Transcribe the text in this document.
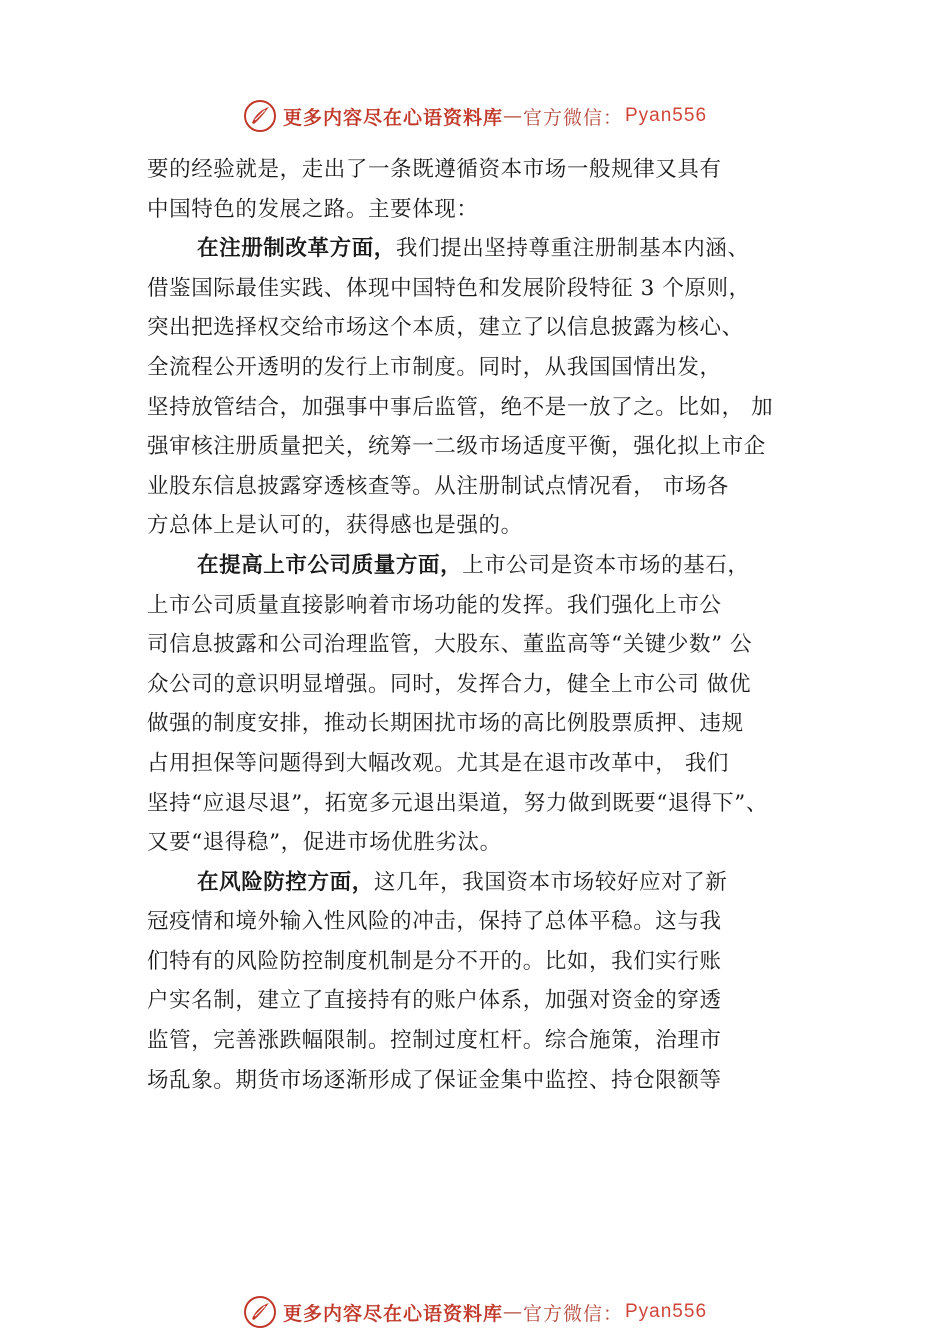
更多内容尽在心语资料库 — 官方微信： Pyan556
要的经验就是，走出了一条既遵循资本市场一般规律又具有
中国特色的发展之路。主要体现：
在注册制改革方面，我们提出坚持尊重注册制基本内涵、
借鉴国际最佳实践、体现中国特色和发展阶段特征 3 个原则，
突出把选择权交给市场这个本质，建立了以信息披露为核心、
全流程公开透明的发行上市制度。同时，从我国国情出发，
坚持放管结合，加强事中事后监管，绝不是一放了之。比如， 加
强审核注册质量把关，统筹一二级市场适度平衡，强化拟上市企
业股东信息披露穿透核查等。从注册制试点情况看， 市场各
方总体上是认可的，获得感也是强的。
在提高上市公司质量方面，上市公司是资本市场的基石，
上市公司质量直接影响着市场功能的发挥。我们强化上市公
司信息披露和公司治理监管，大股东、董监高等“关键少数” 公
众公司的意识明显增强。同时，发挥合力，健全上市公司 做优
做强的制度安排，推动长期困扰市场的高比例股票质押、违规
占用担保等问题得到大幅改观。尤其是在退市改革中， 我们
坚持“应退尽退”，拓宽多元退出渠道，努力做到既要“退得下”、
又要“退得稳”，促进市场优胜劣汰。
在风险防控方面，这几年，我国资本市场较好应对了新
冠疫情和境外输入性风险的冲击，保持了总体平稳。这与我
们特有的风险防控制度机制是分不开的。比如，我们实行账
户实名制，建立了直接持有的账户体系，加强对资金的穿透
监管，完善涨跌幅限制。控制过度杠杆。综合施策，治理市
场乱象。期货市场逐渐形成了保证金集中监控、持仓限额等
更多内容尽在心语资料库 — 官方微信： Pyan556
